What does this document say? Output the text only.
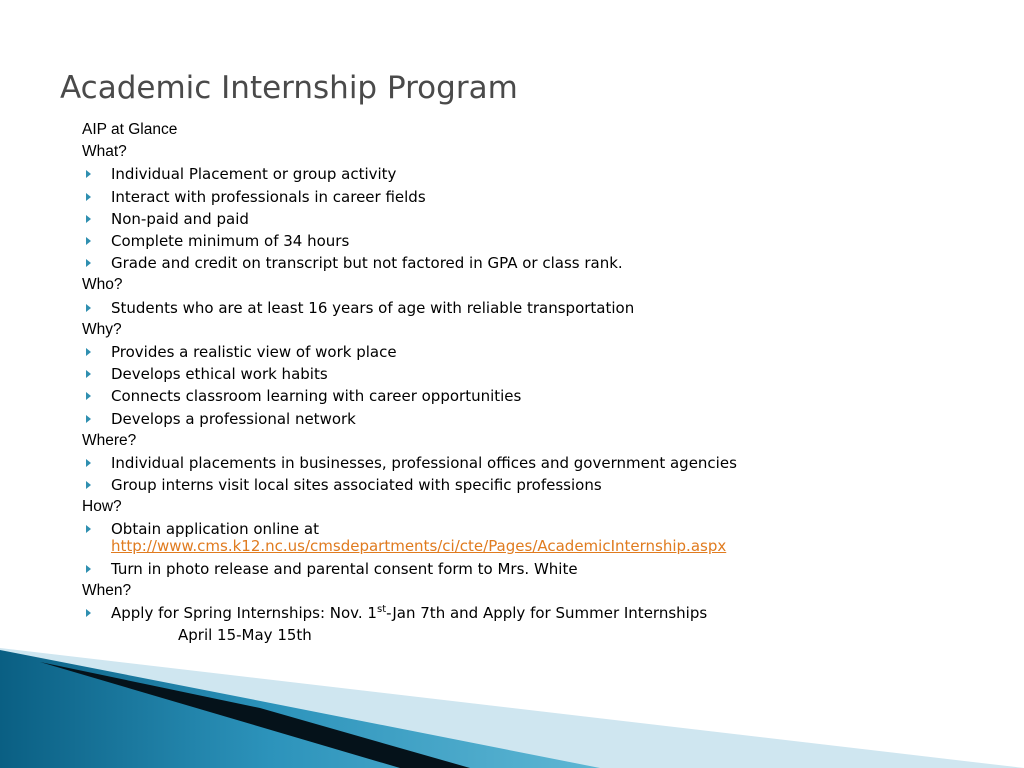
Academic Internship Program
AIP at Glance
What?
Individual Placement or group activity
Interact with professionals in career fields
Non-paid and paid
Complete minimum of 34 hours
Grade and credit on transcript but not factored in GPA or class rank.
Who?
Students who are at least 16 years of age with reliable transportation
Why?
Provides a realistic view of work place
Develops ethical work habits
Connects classroom learning with career opportunities
Develops a professional network
Where?
Individual placements in businesses, professional offices and government agencies
Group interns visit local sites associated with specific professions
How?
Obtain application online at
http://www.cms.k12.nc.us/cmsdepartments/ci/cte/Pages/AcademicInternship.aspx
Turn in photo release and parental consent form to Mrs. White
When?
Apply for Spring Internships: Nov. 1st-Jan 7th and Apply for Summer Internships
April 15-May 15th
